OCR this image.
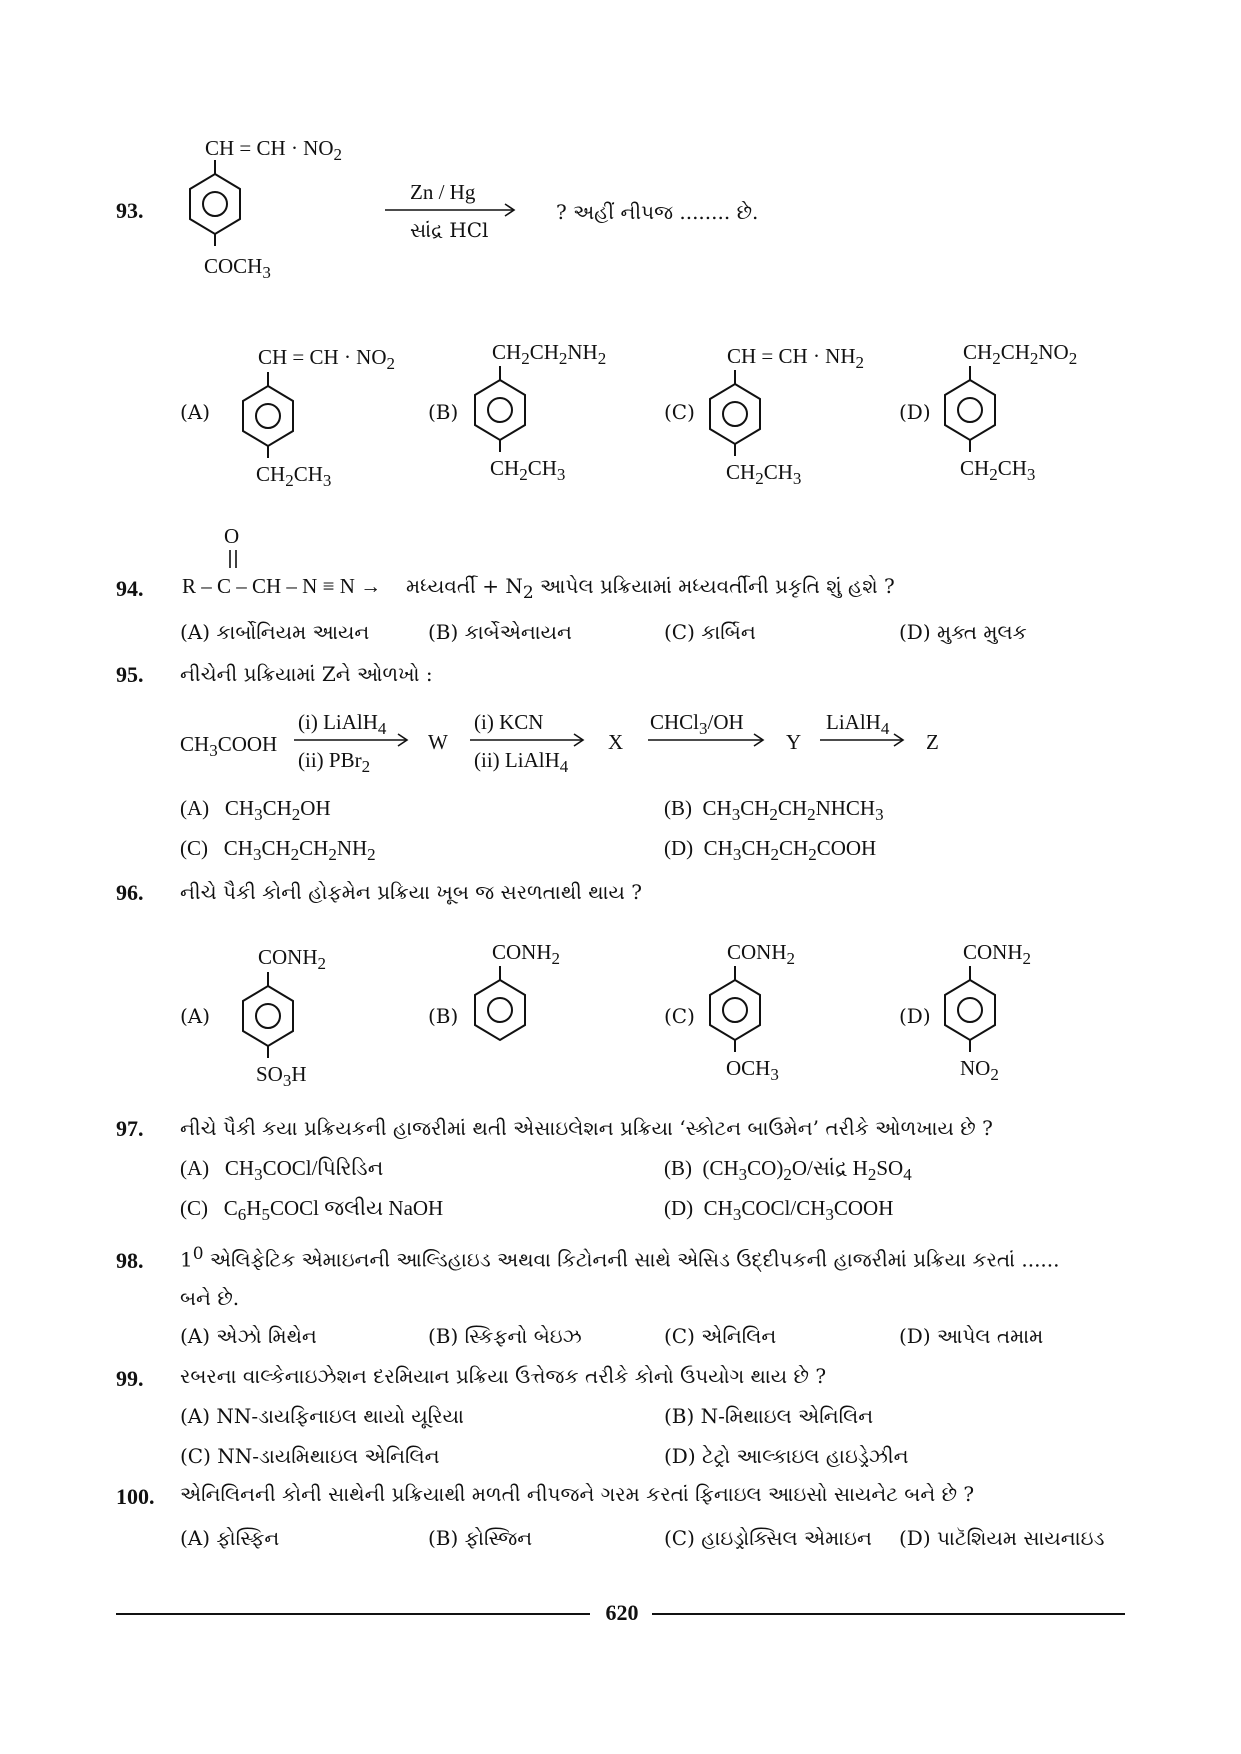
93.
CH = CH · $NO_2$
$COCH_3$
Zn / Hg
સાંદ્ર HCl
? અહીં નીપજ ........ છે.
(A)
CH = CH · $NO_2$
$CH_2CH_3$
(B)
$CH_2CH_2NH_2$
$CH_2CH_3$
(C)
CH = CH · $NH_2$
$CH_2CH_3$
(D)
$CH_2CH_2NO_2$
$CH_2CH_3$
94.
O
R – C – CH – N ≡ N → મધ્યવર્તી + $N_2$ આપેલ પ્રક્રિયામાં મધ્યવર્તીની પ્રકૃતિ શું હશે ?
(A) કાર્બોનિયમ આયન	(B) કાર્બેએનાયન	(C) કાર્બિન	(D) મુક્ત મુલક
95. નીચેની પ્રક્રિયામાં Zને ઓળખો :
$CH_3COOH$
(i) LiAlH$_4$
(ii) PBr$_2$
W
(i) KCN
(ii) LiAlH$_4$
X
CHCl$_3$/OH
Y
LiAlH$_4$
Z
(A) $CH_3CH_2OH$	(B) $CH_3CH_2CH_2NHCH_3$
(C) $CH_3CH_2CH_2NH_2$	(D) $CH_3CH_2CH_2COOH$
96. નીચે પૈકી કોની હોફમેન પ્રક્રિયા ખૂબ જ સરળતાથી થાય ?
(A)
$CONH_2$
$SO_3H$
(B)
$CONH_2$
(C)
$CONH_2$
$OCH_3$
(D)
$CONH_2$
$NO_2$
97. નીચે પૈકી કયા પ્રક્રિયકની હાજરીમાં થતી એસાઇલેશન પ્રક્રિયા ‘સ્કોટન બાઉમેન’ તરીકે ઓળખાય છે ?
(A) $CH_3COCl/પિરિડિન$	(B) $(CH_3CO)_2O/સાંદ્ર$ $H_2SO_4$
(C) $C_6H_5COCl$ જલીય NaOH	(D) $CH_3COCl/CH_3COOH$
98. $1^0$ એલિફેટિક એમાઇનની આલ્ડિહાઇડ અથવા કિટોનની સાથે એસિડ ઉદ્દીપકની હાજરીમાં પ્રક્રિયા કરતાં ......
બને છે.
(A) એઝો મિથેન	(B) સ્કિફનો બેઇઝ	(C) એનિલિન	(D) આપેલ તમામ
99. રબરના વાલ્કેનાઇઝેશન દરમિયાન પ્રક્રિયા ઉત્તેજક તરીકે કોનો ઉપયોગ થાય છે ?
(A) NN-ડાયફિનાઇલ થાયો યૂરિયા	(B) N-મિથાઇલ એનિલિન
(C) NN-ડાયમિથાઇલ એનિલિન	(D) ટેટ્રો આલ્કાઇલ હાઇડ્રેઝીન
100. એનિલિનની કોની સાથેની પ્રક્રિયાથી મળતી નીપજને ગરમ કરતાં ફિનાઇલ આઇસો સાયનેટ બને છે ?
(A) ફોસ્ફિન	(B) ફોસ્જિન	(C) હાઇડ્રોક્સિલ એમાઇન (D) પાટૅશિયમ સાયનાઇડ
620
